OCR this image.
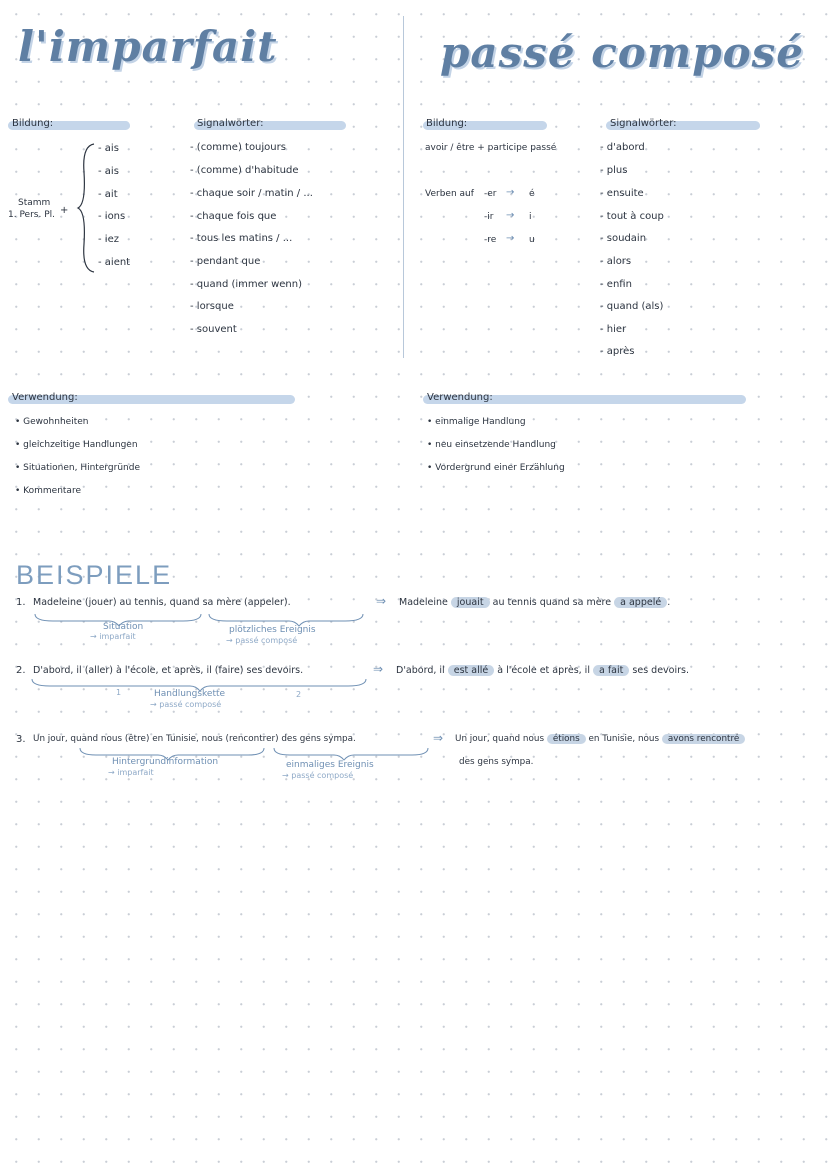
l'imparfait	passé composé
Bildung:
Stamm
1. Pers. Pl. +
- ais
- ais
- ait
- ions
- iez
- aient
Signalwörter:
- (comme) toujours
- (comme) d'habitude
- chaque soir / matin / ...
- chaque fois que
- tous les matins / ...
- pendant que
- quand (immer wenn)
- lorsque
- souvent
Bildung:
avoir / être + participe passé
Verben auf -er → é
-ir → i
-re → u
Signalwörter:
- d'abord
- plus
- ensuite
- tout à coup
- soudain
- alors
- enfin
- quand (als)
- hier
- après
Verwendung:
• Gewohnheiten
• gleichzeitige Handlungen
• Situationen, Hintergründe
• Kommentare
Verwendung:
• einmalige Handlung
• neu einsetzende Handlung
• Vordergrund einer Erzählung
BEISPIELE
1. Madeleine (jouer) au tennis, quand sa mère (appeler).
Situation
→ imparfait
plötzliches Ereignis
→ passé composé
⇒ Madeleine jouait au tennis quand sa mère a appelé .
2. D'abord, il (aller) à l'école, et après, il (faire) ses devoirs.
1	2
Handlungskette
→ passé composé
⇒ D'abord, il est allé à l'école et après, il a fait ses devoirs.
3. Un jour, quand nous (être) en Tunisie, nous (rencontrer) des gens sympa.
Hintergrundinformation
→ imparfait
einmaliges Ereignis
→ passé composé
⇒ Un jour, quand nous étions en Tunisie, nous avons rencontré
des gens sympa.
